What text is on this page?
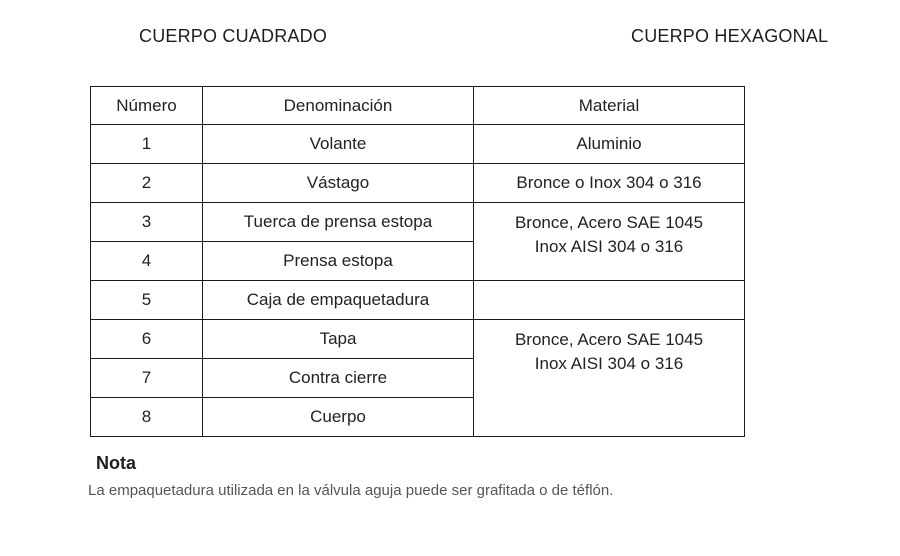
CUERPO CUADRADO	CUERPO HEXAGONAL
Número	Denominación	Material
1	Volante	Aluminio
2	Vástago	Bronce o Inox 304 o 316
3	Tuerca de prensa estopa	Bronce, Acero SAE 1045
Inox AISI 304 o 316

4	Prensa estopa	
5	Caja de empaquetadura	
6	Tapa	Bronce, Acero SAE 1045
Inox AISI 304 o 316

7	Contra cierre	
8	Cuerpo	
Nota
La empaquetadura utilizada en la válvula aguja puede ser grafitada o de téflón.
